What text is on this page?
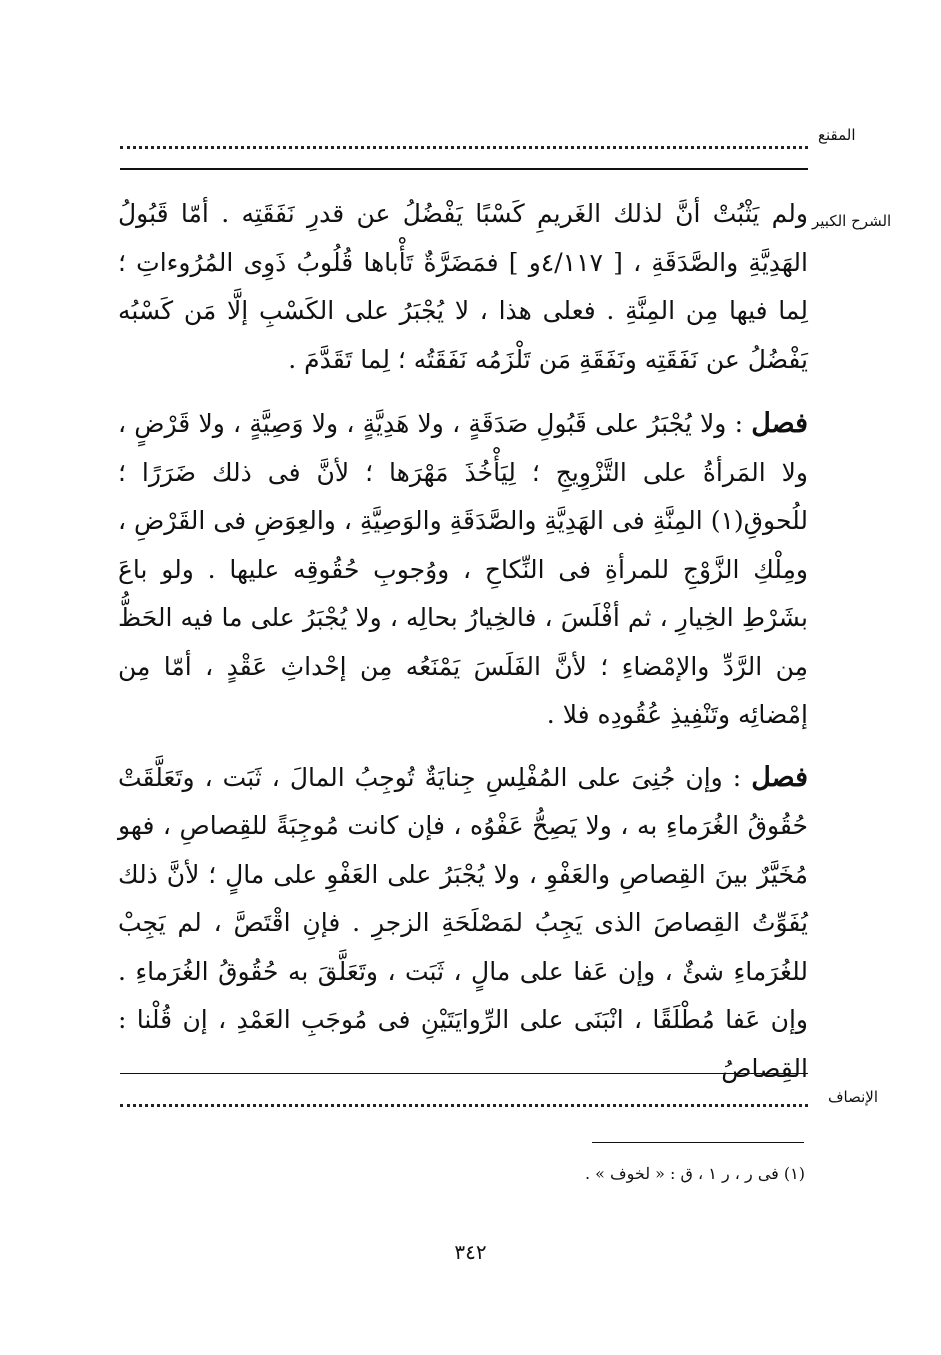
المقنع
الشرح الكبير

ولم يَثْبُتْ أنَّ لذلك الغَريمِ كَسْبًا يَفْضُلُ عن قدرِ نَفَقَتِه . أمّا قَبُولُ الهَدِيَّةِ والصَّدَقَةِ ، [ ٤/١١٧و ] فمَضَرَّةٌ تَأْباها قُلُوبُ ذَوِى المُرُوءاتِ ؛ لِما فيها مِن المِنَّةِ . فعلى هذا ، لا يُجْبَرُ على الكَسْبِ إلَّا مَن كَسْبُه يَفْضُلُ عن نَفَقَتِه ونَفَقَةِ مَن تَلْزَمُه نَفَقَتُه ؛ لِما تَقَدَّمَ .

فصل : ولا يُجْبَرُ على قَبُولِ صَدَقَةٍ ، ولا هَدِيَّةٍ ، ولا وَصِيَّةٍ ، ولا قَرْضٍ ، ولا المَرأةُ على التَّزْوِيجِ ؛ لِيَأْخُذَ مَهْرَها ؛ لأنَّ فى ذلك ضَرَرًا ؛ للُحوقِ(١) المِنَّةِ فى الهَدِيَّةِ والصَّدَقَةِ والوَصِيَّةِ ، والعِوَضِ فى القَرْضِ ، ومِلْكِ الزَّوْجِ للمرأةِ فى النِّكاحِ ، ووُجوبِ حُقُوقِه عليها . ولو باعَ بشَرْطِ الخِيارِ ، ثم أفْلَسَ ، فالخِيارُ بحالِه ، ولا يُجْبَرُ على ما فيه الحَظُّ مِن الرَّدِّ والإمْضاءِ ؛ لأنَّ الفَلَسَ يَمْنَعُه مِن إحْداثِ عَقْدٍ ، أمّا مِن إمْضائِه وتَنْفِيذِ عُقُودِه فلا .

فصل : وإن جُنِىَ على المُفْلِسِ جِنايَةٌ تُوجِبُ المالَ ، ثَبَت ، وتَعَلَّقَتْ حُقُوقُ الغُرَماءِ به ، ولا يَصِحُّ عَفْوُه ، فإن كانت مُوجِبَةً للقِصاصِ ، فهو مُخَيَّرٌ بينَ القِصاصِ والعَفْوِ ، ولا يُجْبَرُ على العَفْوِ على مالٍ ؛ لأنَّ ذلك يُفَوِّتُ القِصاصَ الذى يَجِبُ لمَصْلَحَةِ الزجرِ . فإنِ اقْتَصَّ ، لم يَجِبْ للغُرَماءِ شئٌ ، وإن عَفا على مالٍ ، ثَبَت ، وتَعَلَّقَ به حُقُوقُ الغُرَماءِ . وإن عَفا مُطْلَقًا ، انْبَنَى على الرِّوايَتَيْنِ فى مُوجَبِ العَمْدِ ، إن قُلْنا : القِصاصُ

الإنصاف
(١) فى ر ، ر ١ ، ق : « لخوف » .
٣٤٢
